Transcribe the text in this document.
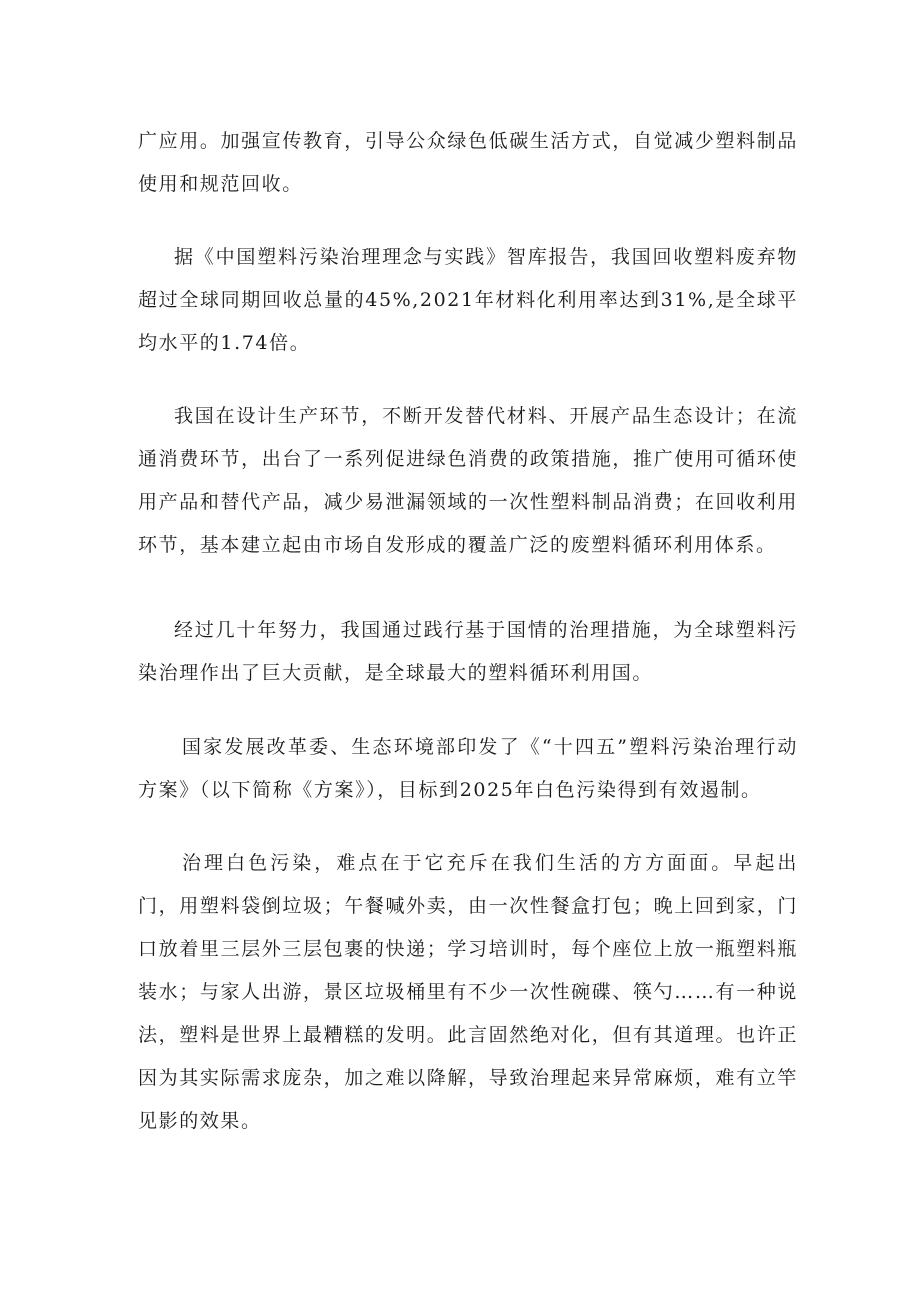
广应用。加强宣传教育，引导公众绿色低碳生活方式，自觉减少塑料制品使用和规范回收。

据《中国塑料污染治理理念与实践》智库报告，我国回收塑料废弃物超过全球同期回收总量的45%,2021年材料化利用率达到31%,是全球平均水平的1.74倍。

我国在设计生产环节，不断开发替代材料、开展产品生态设计；在流通消费环节，出台了一系列促进绿色消费的政策措施，推广使用可循环使用产品和替代产品，减少易泄漏领域的一次性塑料制品消费；在回收利用环节，基本建立起由市场自发形成的覆盖广泛的废塑料循环利用体系。

经过几十年努力，我国通过践行基于国情的治理措施，为全球塑料污染治理作出了巨大贡献，是全球最大的塑料循环利用国。

国家发展改革委、生态环境部印发了《“十四五”塑料污染治理行动方案》（以下简称《方案》），目标到2025年白色污染得到有效遏制。

治理白色污染，难点在于它充斥在我们生活的方方面面。早起出门，用塑料袋倒垃圾；午餐喊外卖，由一次性餐盒打包；晚上回到家，门口放着里三层外三层包裹的快递；学习培训时，每个座位上放一瓶塑料瓶装水；与家人出游，景区垃圾桶里有不少一次性碗碟、筷勺……有一种说法，塑料是世界上最糟糕的发明。此言固然绝对化，但有其道理。也许正因为其实际需求庞杂，加之难以降解，导致治理起来异常麻烦，难有立竿见影的效果。
